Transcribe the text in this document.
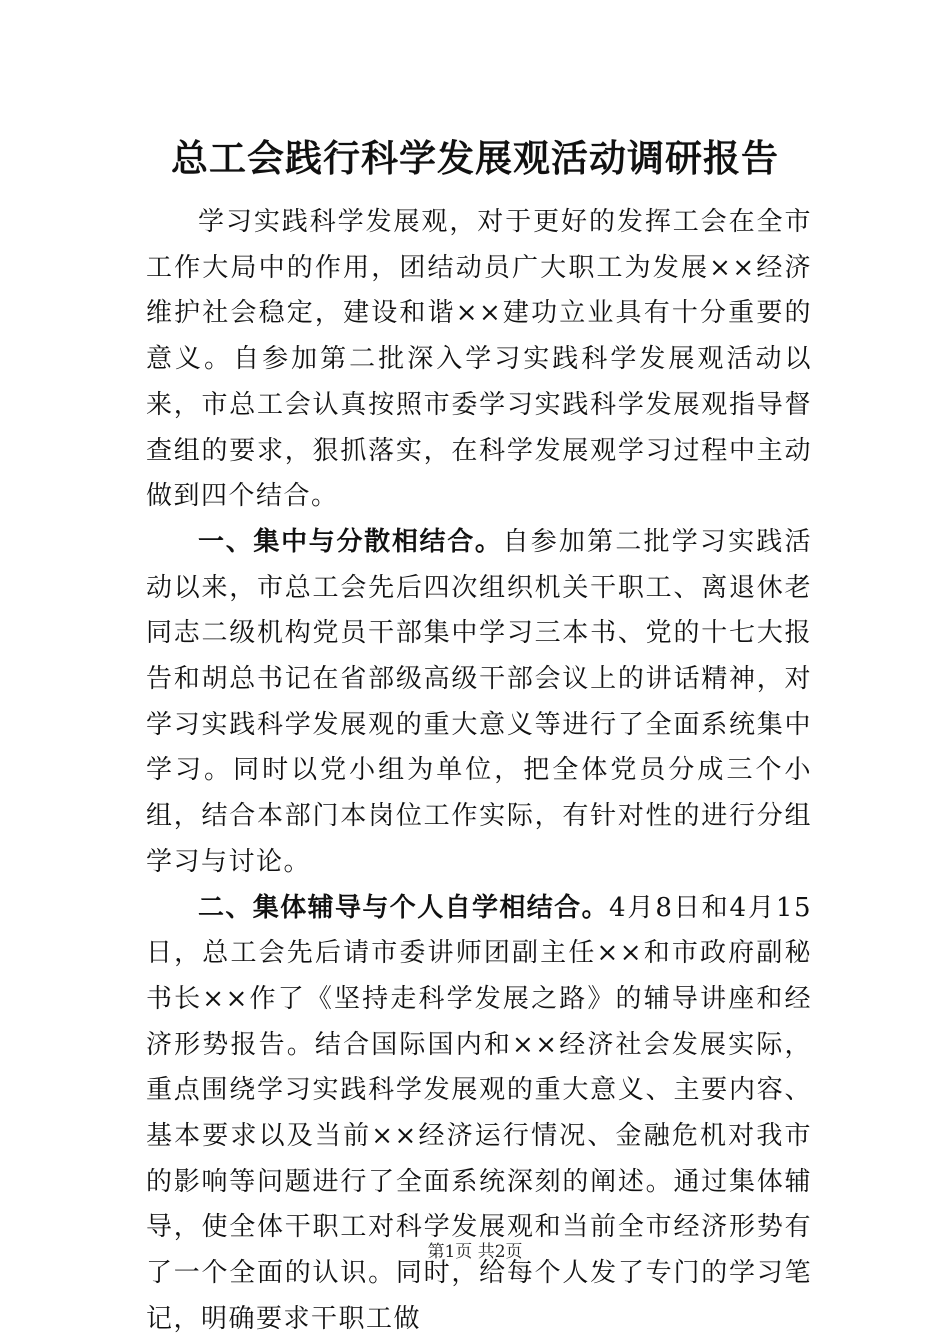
总工会践行科学发展观活动调研报告

学习实践科学发展观，对于更好的发挥工会在全市工作大局中的作用，团结动员广大职工为发展××经济维护社会稳定，建设和谐××建功立业具有十分重要的意义。自参加第二批深入学习实践科学发展观活动以来，市总工会认真按照市委学习实践科学发展观指导督查组的要求，狠抓落实，在科学发展观学习过程中主动做到四个结合。

一、集中与分散相结合。自参加第二批学习实践活动以来，市总工会先后四次组织机关干职工、离退休老同志二级机构党员干部集中学习三本书、党的十七大报告和胡总书记在省部级高级干部会议上的讲话精神，对学习实践科学发展观的重大意义等进行了全面系统集中学习。同时以党小组为单位，把全体党员分成三个小组，结合本部门本岗位工作实际，有针对性的进行分组学习与讨论。

二、集体辅导与个人自学相结合。4月8日和4月15日，总工会先后请市委讲师团副主任××和市政府副秘书长××作了《坚持走科学发展之路》的辅导讲座和经济形势报告。结合国际国内和××经济社会发展实际，重点围绕学习实践科学发展观的重大意义、主要内容、基本要求以及当前××经济运行情况、金融危机对我市的影响等问题进行了全面系统深刻的阐述。通过集体辅导，使全体干职工对科学发展观和当前全市经济形势有了一个全面的认识。同时，给每个人发了专门的学习笔记，明确要求干职工做

第1页 共2页
